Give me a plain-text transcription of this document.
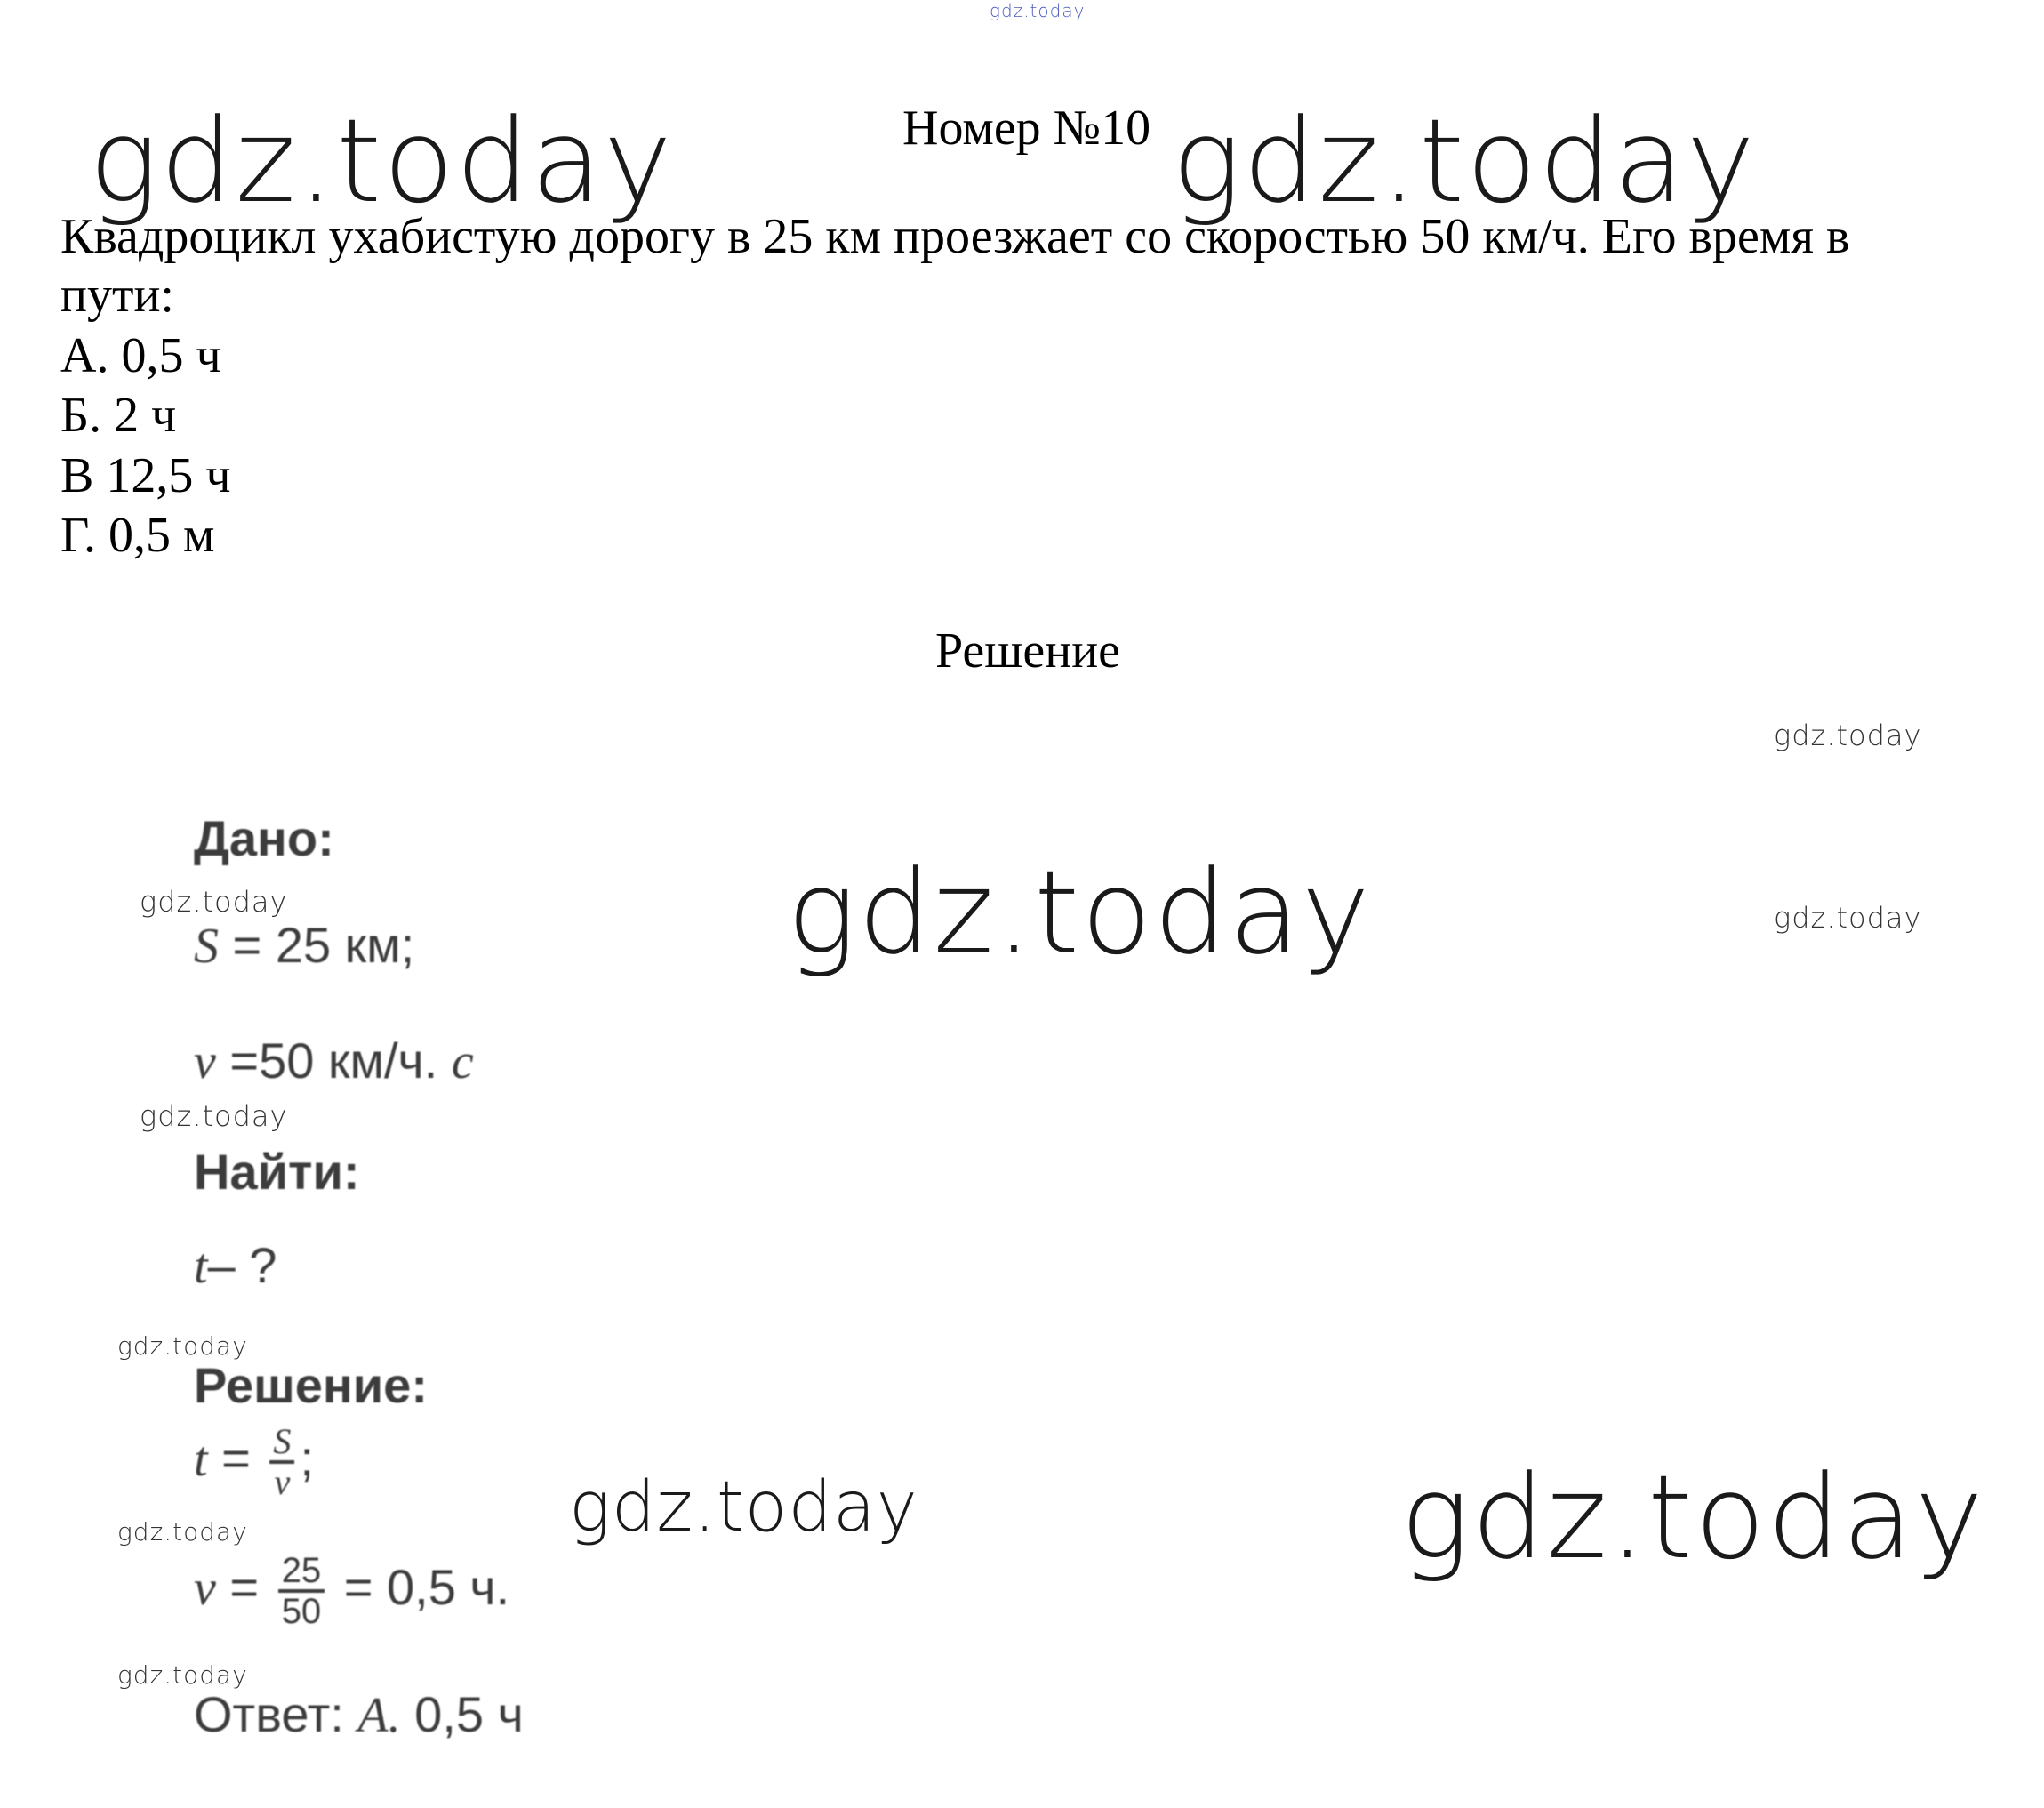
gdz.today
gdz.today	gdz.today
gdz.today
gdz.today
gdz.today
gdz.today
gdz.today
gdz.today
gdz.today
gdz.today
gdz.today
gdz.today
Номер №10
Квадроцикл ухабистую дорогу в 25 км проезжает со скоростью 50 км/ч. Его время в
пути:
А. 0,5 ч
Б. 2 ч
В 12,5 ч
Г. 0,5 м
Решение
Дано:
S = 25 км;
v =50 км/ч. c
Найти:
t– ?
Решение:
$t = \frac{S}{v}$ ;
$v = \frac{25}{50} = 0,5$ ч.
Ответ: А. 0,5 ч
